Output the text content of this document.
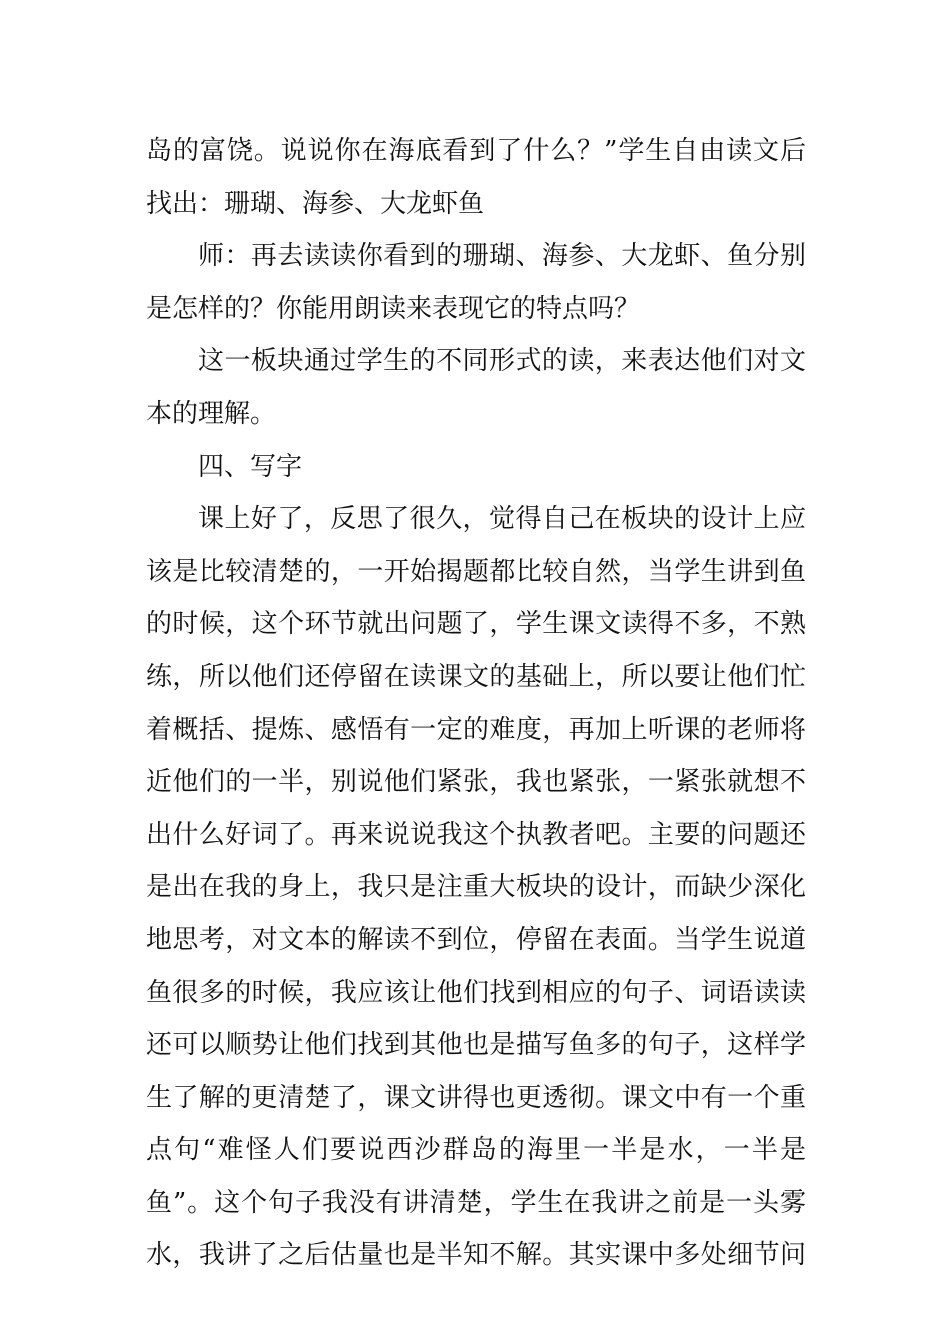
岛的富饶。说说你在海底看到了什么？”学生自由读文后
找出：珊瑚、海参、大龙虾鱼
师：再去读读你看到的珊瑚、海参、大龙虾、鱼分别
是怎样的？你能用朗读来表现它的特点吗？
这一板块通过学生的不同形式的读，来表达他们对文
本的理解。
四、写字
课上好了，反思了很久，觉得自己在板块的设计上应
该是比较清楚的，一开始揭题都比较自然，当学生讲到鱼
的时候，这个环节就出问题了，学生课文读得不多，不熟
练，所以他们还停留在读课文的基础上，所以要让他们忙
着概括、提炼、感悟有一定的难度，再加上听课的老师将
近他们的一半，别说他们紧张，我也紧张，一紧张就想不
出什么好词了。再来说说我这个执教者吧。主要的问题还
是出在我的身上，我只是注重大板块的设计，而缺少深化
地思考，对文本的解读不到位，停留在表面。当学生说道
鱼很多的时候，我应该让他们找到相应的句子、词语读读
还可以顺势让他们找到其他也是描写鱼多的句子，这样学
生了解的更清楚了，课文讲得也更透彻。课文中有一个重
点句“难怪人们要说西沙群岛的海里一半是水，一半是
鱼”。这个句子我没有讲清楚，学生在我讲之前是一头雾
水，我讲了之后估量也是半知不解。其实课中多处细节问
